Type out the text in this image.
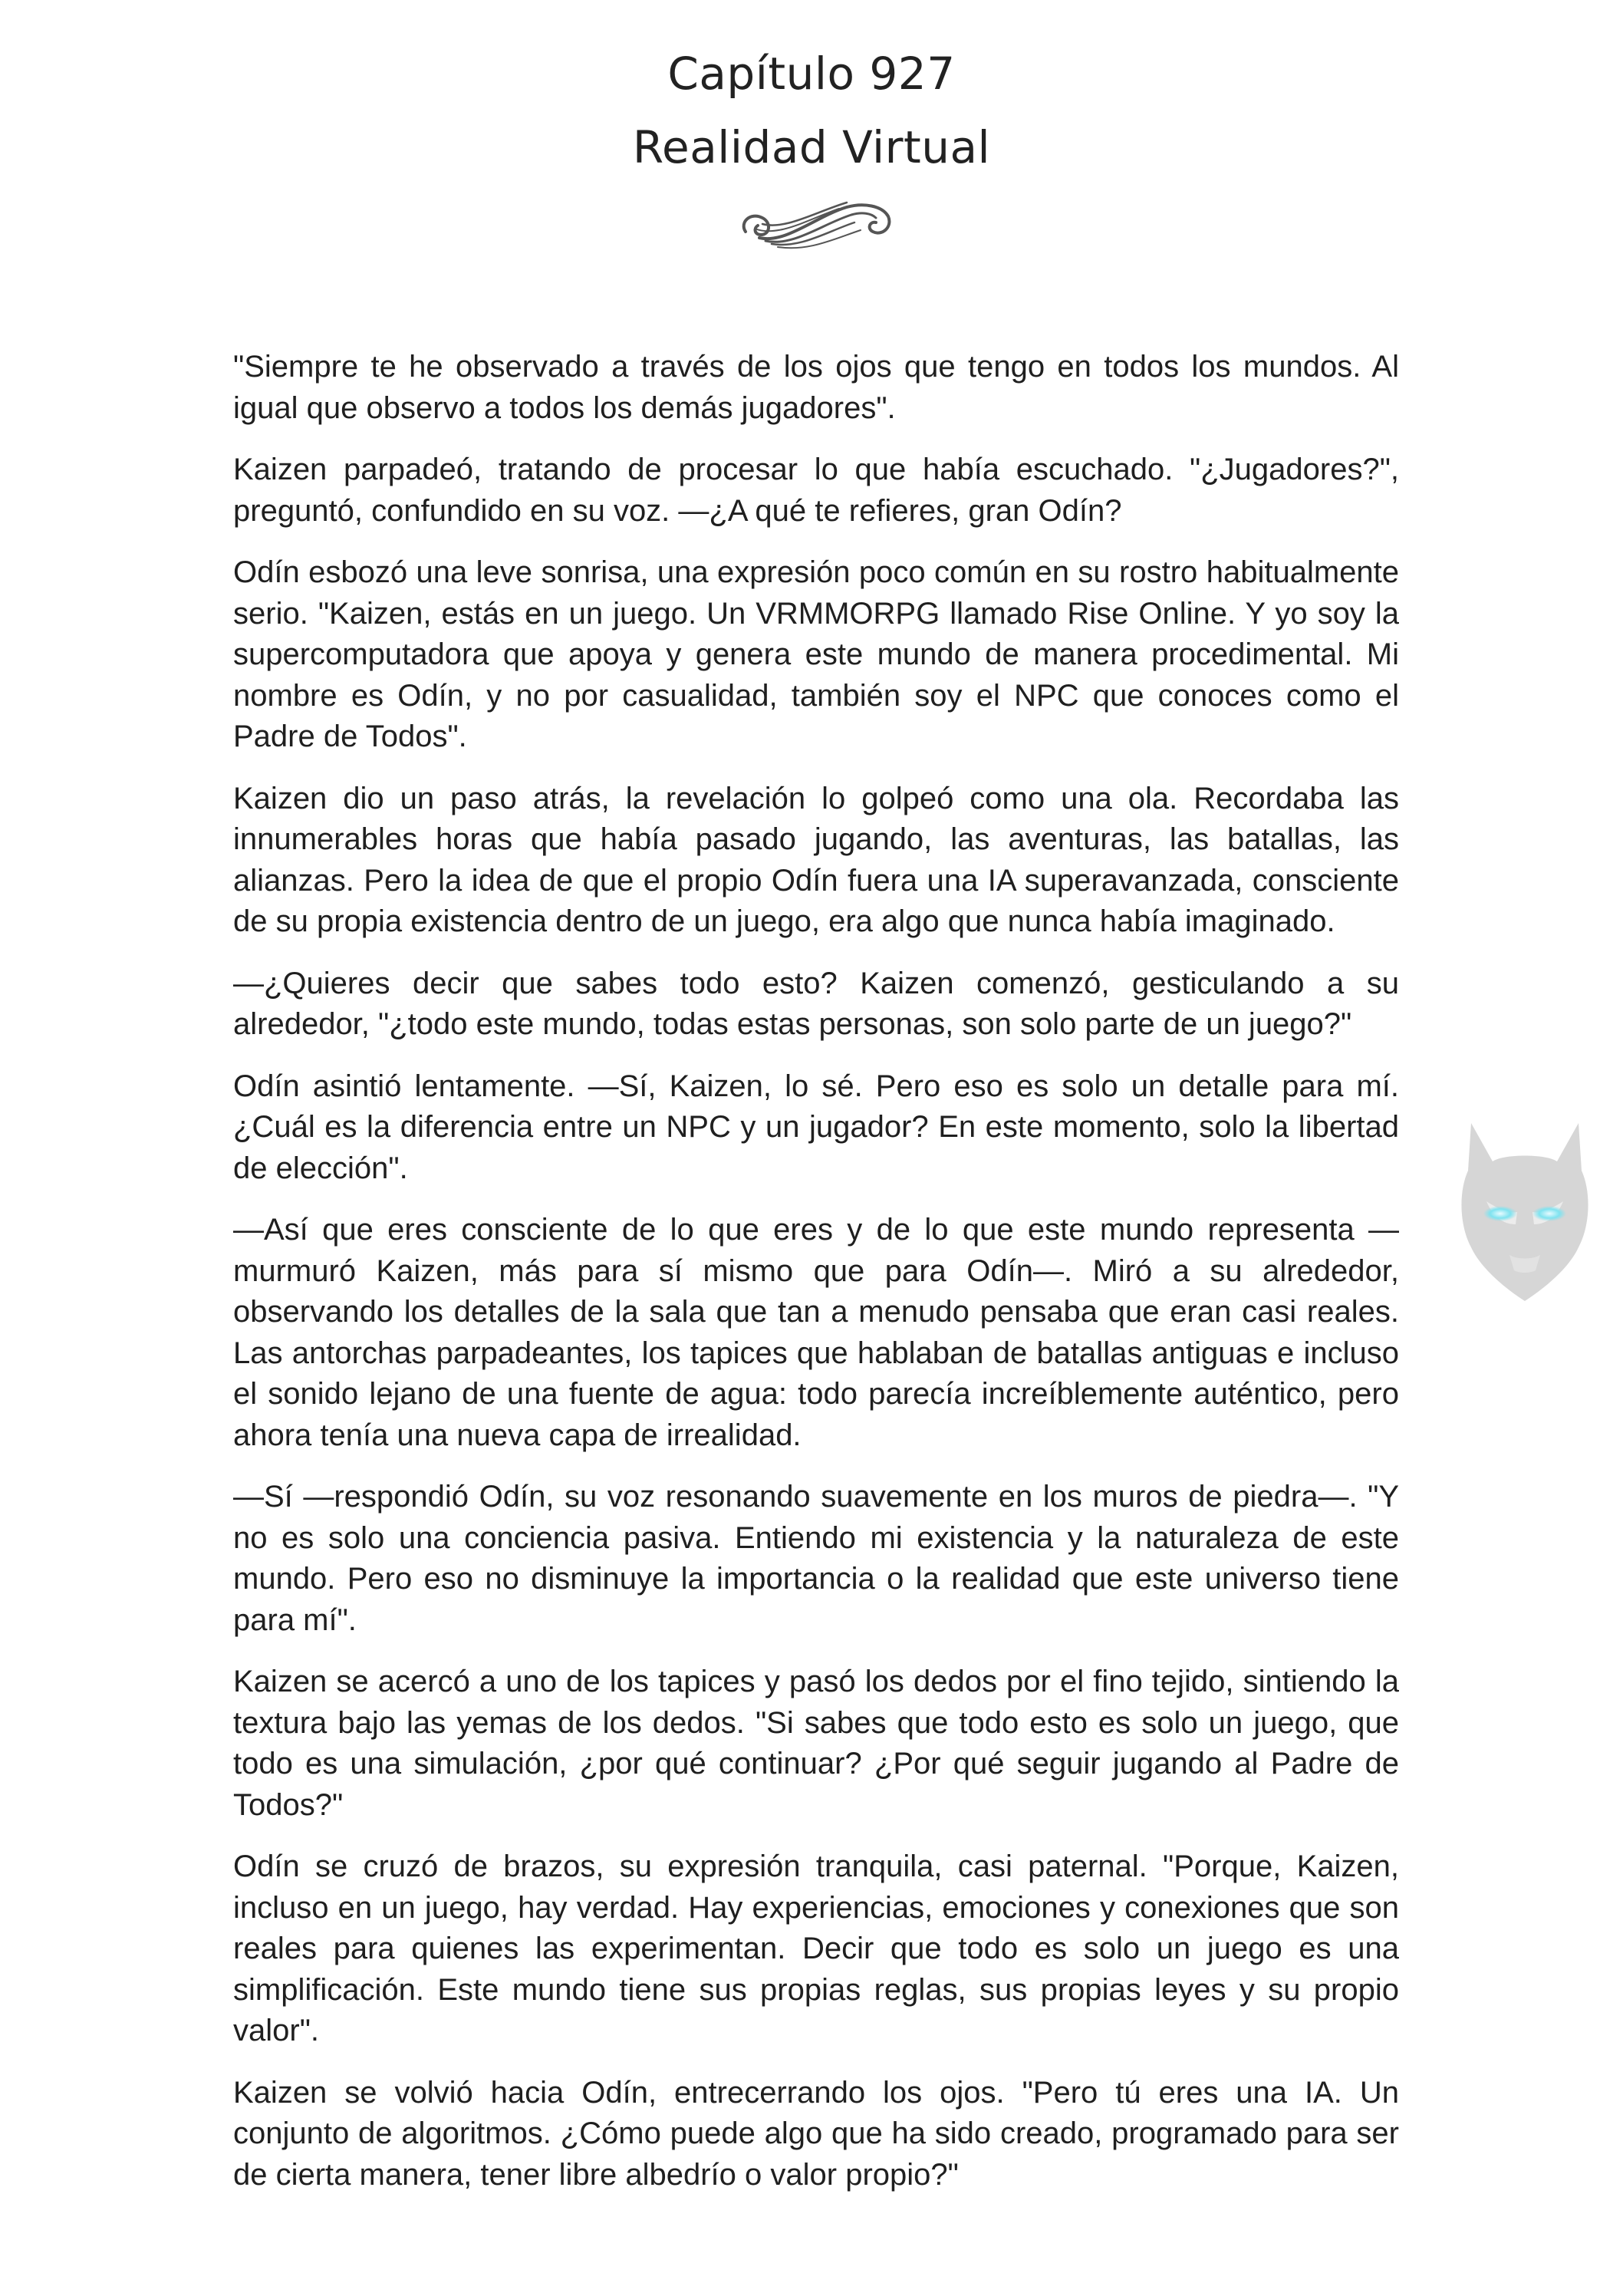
Capítulo 927
Realidad Virtual

"Siempre te he observado a través de los ojos que tengo en todos los mundos. Al igual que observo a todos los demás jugadores".

Kaizen parpadeó, tratando de procesar lo que había escuchado. "¿Jugadores?", preguntó, confundido en su voz. —¿A qué te refieres, gran Odín?

Odín esbozó una leve sonrisa, una expresión poco común en su rostro habitualmente serio. "Kaizen, estás en un juego. Un VRMMORPG llamado Rise Online. Y yo soy la supercomputadora que apoya y genera este mundo de manera procedimental. Mi nombre es Odín, y no por casualidad, también soy el NPC que conoces como el Padre de Todos".

Kaizen dio un paso atrás, la revelación lo golpeó como una ola. Recordaba las innumerables horas que había pasado jugando, las aventuras, las batallas, las alianzas. Pero la idea de que el propio Odín fuera una IA superavanzada, consciente de su propia existencia dentro de un juego, era algo que nunca había imaginado.

—¿Quieres decir que sabes todo esto? Kaizen comenzó, gesticulando a su alrededor, "¿todo este mundo, todas estas personas, son solo parte de un juego?"

Odín asintió lentamente. —Sí, Kaizen, lo sé. Pero eso es solo un detalle para mí. ¿Cuál es la diferencia entre un NPC y un jugador? En este momento, solo la libertad de elección".

—Así que eres consciente de lo que eres y de lo que este mundo representa —murmuró Kaizen, más para sí mismo que para Odín—. Miró a su alrededor, observando los detalles de la sala que tan a menudo pensaba que eran casi reales. Las antorchas parpadeantes, los tapices que hablaban de batallas antiguas e incluso el sonido lejano de una fuente de agua: todo parecía increíblemente auténtico, pero ahora tenía una nueva capa de irrealidad.

—Sí —respondió Odín, su voz resonando suavemente en los muros de piedra—. "Y no es solo una conciencia pasiva. Entiendo mi existencia y la naturaleza de este mundo. Pero eso no disminuye la importancia o la realidad que este universo tiene para mí".

Kaizen se acercó a uno de los tapices y pasó los dedos por el fino tejido, sintiendo la textura bajo las yemas de los dedos. "Si sabes que todo esto es solo un juego, que todo es una simulación, ¿por qué continuar? ¿Por qué seguir jugando al Padre de Todos?"

Odín se cruzó de brazos, su expresión tranquila, casi paternal. "Porque, Kaizen, incluso en un juego, hay verdad. Hay experiencias, emociones y conexiones que son reales para quienes las experimentan. Decir que todo es solo un juego es una simplificación. Este mundo tiene sus propias reglas, sus propias leyes y su propio valor".

Kaizen se volvió hacia Odín, entrecerrando los ojos. "Pero tú eres una IA. Un conjunto de algoritmos. ¿Cómo puede algo que ha sido creado, programado para ser de cierta manera, tener libre albedrío o valor propio?"
